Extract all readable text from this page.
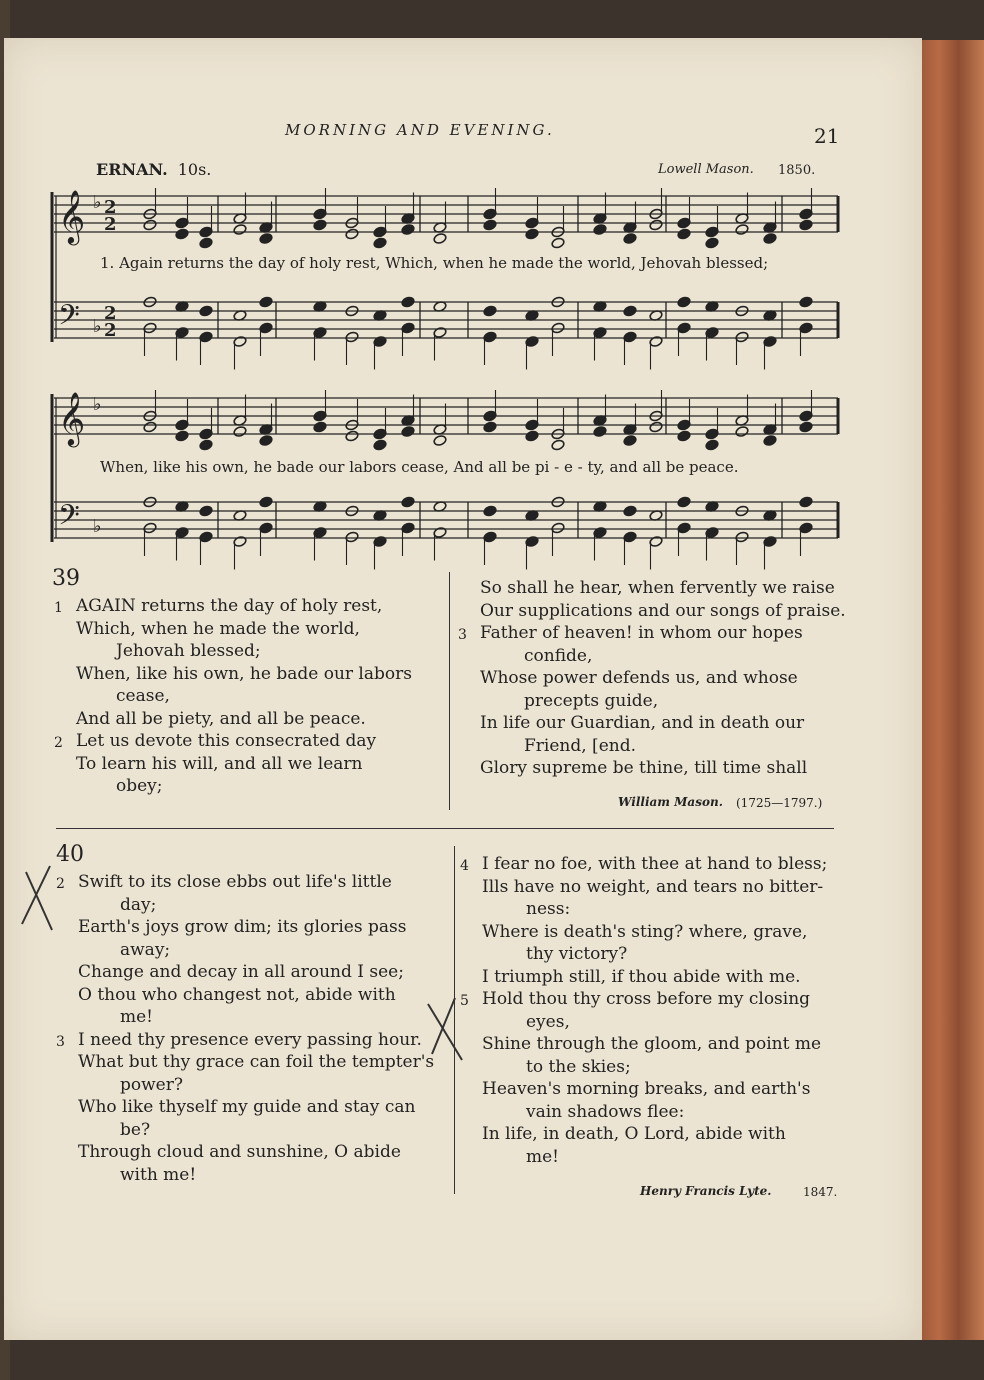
MORNING AND EVENING.	21
ERNAN. 10s.	Lowell Mason. 1850.
𝄞
𝄢
♭
♭
2
2
2
2
𝄞
𝄢
♭
♭
1. Again returns the day of holy rest, Which, when he made the world, Jehovah blessed;
When, like his own, he bade our labors cease, And all be pi - e - ty, and all be peace.
39
1 AGAIN returns the day of holy rest,
Which, when he made the world,
Jehovah blessed;
When, like his own, he bade our labors
cease,
And all be piety, and all be peace.
2 Let us devote this consecrated day
To learn his will, and all we learn
obey;
So shall he hear, when fervently we raise
Our supplications and our songs of praise.
3 Father of heaven! in whom our hopes
confide,
Whose power defends us, and whose
precepts guide,
In life our Guardian, and in death our
Friend, [end.
Glory supreme be thine, till time shall
William Mason. (1725—1797.)
40
2 Swift to its close ebbs out life's little
day;
Earth's joys grow dim; its glories pass
away;
Change and decay in all around I see;
O thou who changest not, abide with
me!
3 I need thy presence every passing hour.
What but thy grace can foil the tempter's
power?
Who like thyself my guide and stay can
be?
Through cloud and sunshine, O abide
with me!
4 I fear no foe, with thee at hand to bless;
Ills have no weight, and tears no bitter-
ness:
Where is death's sting? where, grave,
thy victory?
I triumph still, if thou abide with me.
5 Hold thou thy cross before my closing
eyes,
Shine through the gloom, and point me
to the skies;
Heaven's morning breaks, and earth's
vain shadows flee:
In life, in death, O Lord, abide with
me!
Henry Francis Lyte.	1847.
